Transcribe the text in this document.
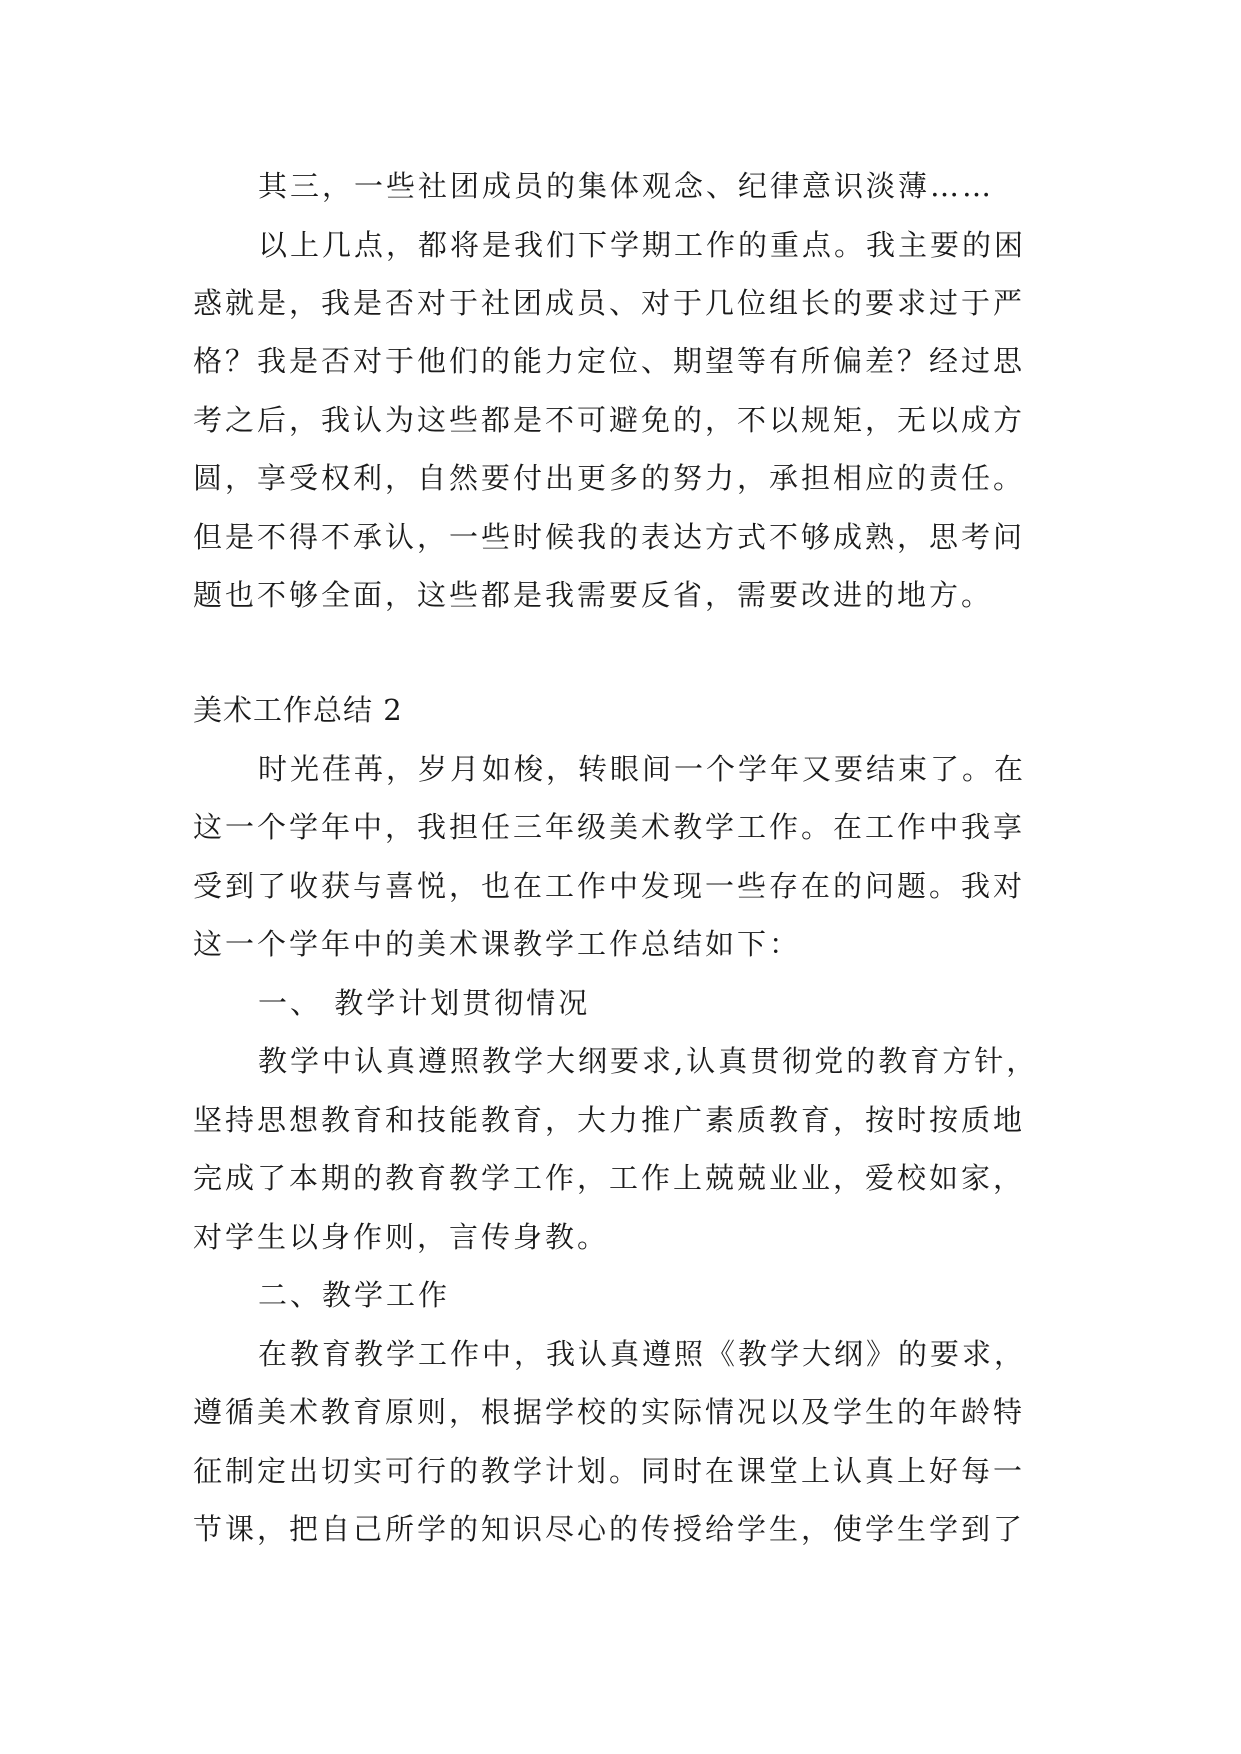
其三，一些社团成员的集体观念、纪律意识淡薄……
以上几点，都将是我们下学期工作的重点。我主要的困
惑就是，我是否对于社团成员、对于几位组长的要求过于严
格？我是否对于他们的能力定位、期望等有所偏差？经过思
考之后，我认为这些都是不可避免的，不以规矩，无以成方
圆，享受权利，自然要付出更多的努力，承担相应的责任。
但是不得不承认，一些时候我的表达方式不够成熟，思考问
题也不够全面，这些都是我需要反省，需要改进的地方。
美术工作总结 2
时光荏苒，岁月如梭，转眼间一个学年又要结束了。在
这一个学年中，我担任三年级美术教学工作。在工作中我享
受到了收获与喜悦，也在工作中发现一些存在的问题。我对
这一个学年中的美术课教学工作总结如下：
一、 教学计划贯彻情况
教学中认真遵照教学大纲要求,认真贯彻党的教育方针，
坚持思想教育和技能教育，大力推广素质教育，按时按质地
完成了本期的教育教学工作，工作上兢兢业业，爱校如家，
对学生以身作则，言传身教。
二、教学工作
在教育教学工作中，我认真遵照《教学大纲》的要求，
遵循美术教育原则，根据学校的实际情况以及学生的年龄特
征制定出切实可行的教学计划。同时在课堂上认真上好每一
节课，把自己所学的知识尽心的传授给学生，使学生学到了
